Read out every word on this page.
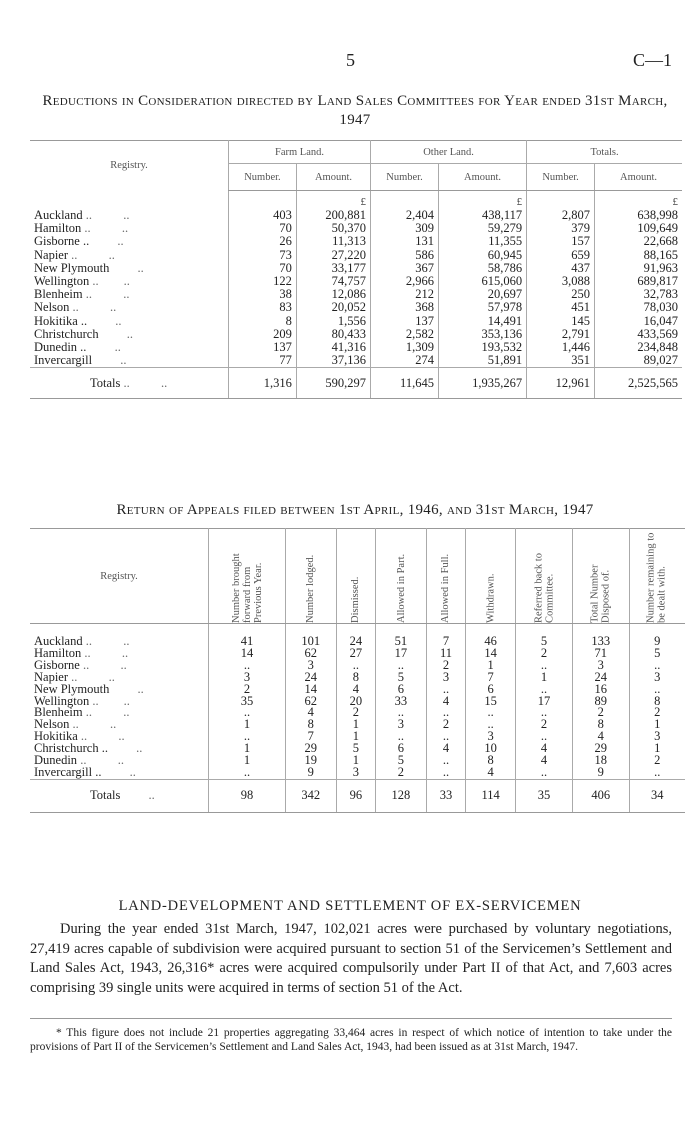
5	C—1
Reductions in Consideration directed by Land Sales Committees for Year ended 31st March, 1947
Registry.	Farm Land.		Other Land.		Totals.	
	Number.	Amount.	Number.	Amount.	Number.	Amount.
		£		£		£
Auckland ..          ..	403	200,881	2,404	438,117	2,807	638,998
Hamilton ..          ..	70	50,370	309	59,279	379	109,649
Gisborne ..         ..	26	11,313	131	11,355	157	22,668
Napier ..          ..	73	27,220	586	60,945	659	88,165
New Plymouth         ..	70	33,177	367	58,786	437	91,963
Wellington ..        ..	122	74,757	2,966	615,060	3,088	689,817
Blenheim ..          ..	38	12,086	212	20,697	250	32,783
Nelson ..          ..	83	20,052	368	57,978	451	78,030
Hokitika ..         ..	8	1,556	137	14,491	145	16,047
Christchurch         ..	209	80,433	2,582	353,136	2,791	433,569
Dunedin ..         ..	137	41,316	1,309	193,532	1,446	234,848
Invercargill         ..	77	37,136	274	51,891	351	89,027
Totals ..          ..	1,316	590,297	11,645	1,935,267	12,961	2,525,565
Return of Appeals filed between 1st April, 1946, and 31st March, 1947
Registry.	Number brought forward from Previous Year.	Number lodged.	Dismissed.	Allowed in Part.	Allowed in Full.	Withdrawn.	Referred back to Committee.	Total Number Disposed of.	Number remaining to be dealt with.

Auckland ..          ..	41	101	24	51	7	46	5	133	9
Hamilton ..          ..	14	62	27	17	11	14	2	71	5
Gisborne ..          ..	..	3	..	..	2	1	..	3	..
Napier ..          ..	3	24	8	5	3	7	1	24	3
New Plymouth         ..	2	14	4	6	..	6	..	16	..
Wellington ..        ..	35	62	20	33	4	15	17	89	8
Blenheim ..          ..	..	4	2	..	..	..	..	2	2
Nelson ..          ..	1	8	1	3	2	..	2	8	1
Hokitika ..          ..	..	7	1	..	..	3	..	4	3
Christchurch ..         ..	1	29	5	6	4	10	4	29	1
Dunedin ..          ..	1	19	1	5	..	8	4	18	2
Invercargill ..         ..	..	9	3	2	..	4	..	9	..
Totals         ..	98	342	96	128	33	114	35	406	34
LAND-DEVELOPMENT AND SETTLEMENT OF EX-SERVICEMEN
During the year ended 31st March, 1947, 102,021 acres were purchased by voluntary negotiations, 27,419 acres capable of subdivision were acquired pursuant to section 51 of the Servicemen’s Settlement and Land Sales Act, 1943, 26,316* acres were acquired compulsorily under Part II of that Act, and 7,603 acres comprising 39 single units were acquired in terms of section 51 of the Act.
* This figure does not include 21 properties aggregating 33,464 acres in respect of which notice of intention to take under the provisions of Part II of the Servicemen’s Settlement and Land Sales Act, 1943, had been issued as at 31st March, 1947.
